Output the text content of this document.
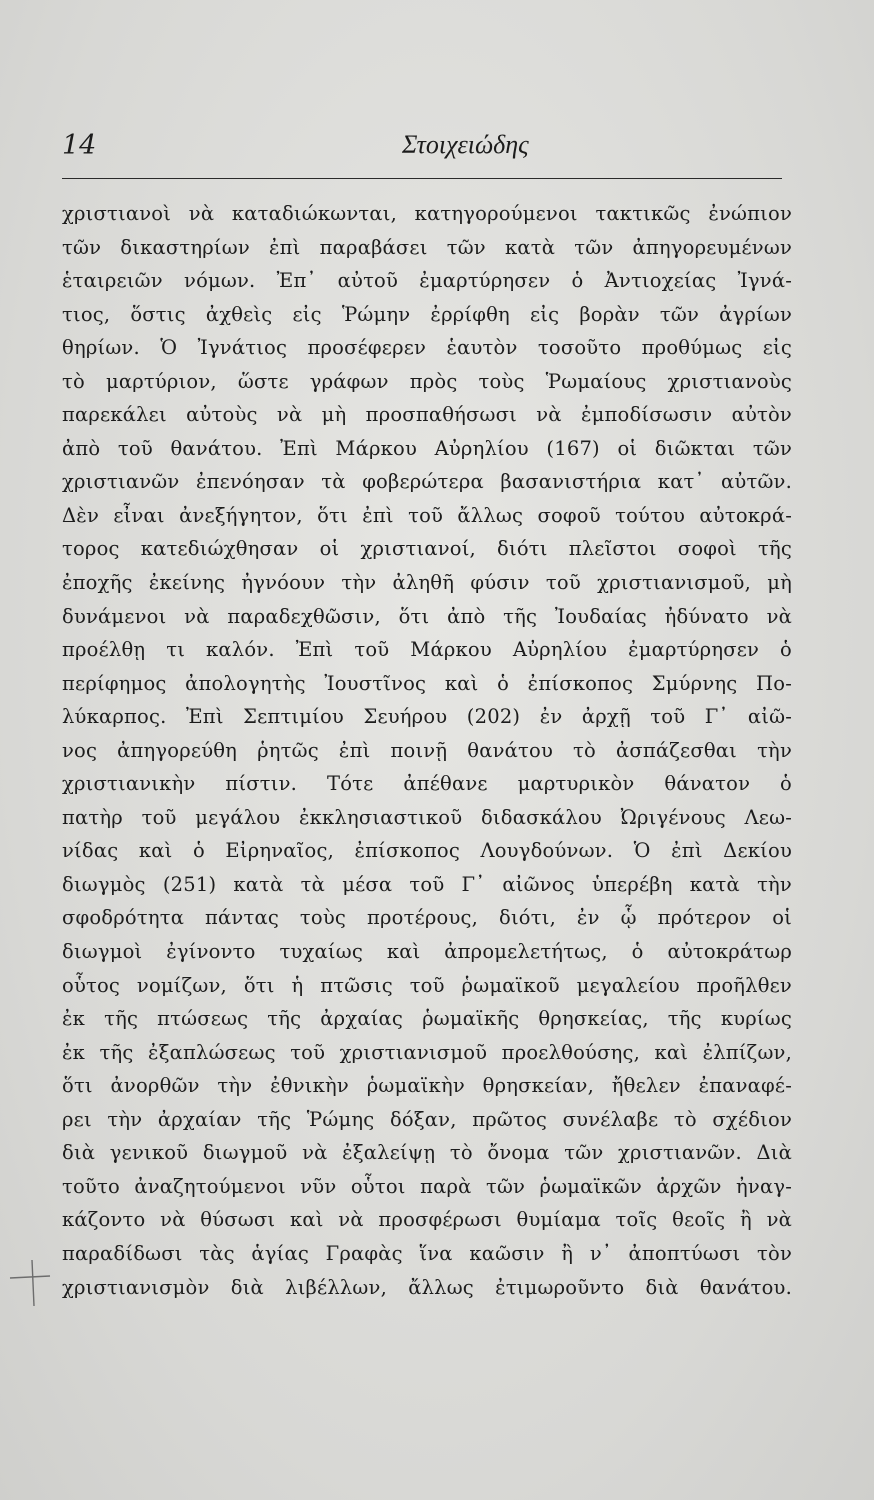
14	Στοιχειώδης
χριστιανοὶ νὰ καταδιώκωνται, κατηγορούμενοι τακτικῶς ἐνώπιον
τῶν δικαστηρίων ἐπὶ παραβάσει τῶν κατὰ τῶν ἀπηγορευμένων
ἑταιρειῶν νόμων. Ἐπ᾽ αὐτοῦ ἐμαρτύρησεν ὁ Ἀντιοχείας Ἰγνά-
τιος, ὅστις ἀχθεὶς εἰς Ῥώμην ἐρρίφθη εἰς βορὰν τῶν ἀγρίων
θηρίων. Ὁ Ἰγνάτιος προσέφερεν ἑαυτὸν τοσοῦτο προθύμως εἰς
τὸ μαρτύριον, ὥστε γράφων πρὸς τοὺς Ῥωμαίους χριστιανοὺς
παρεκάλει αὐτοὺς νὰ μὴ προσπαθήσωσι νὰ ἐμποδίσωσιν αὐτὸν
ἀπὸ τοῦ θανάτου. Ἐπὶ Μάρκου Αὐρηλίου (167) οἱ διῶκται τῶν
χριστιανῶν ἐπενόησαν τὰ φοβερώτερα βασανιστήρια κατ᾽ αὐτῶν.
Δὲν εἶναι ἀνεξήγητον, ὅτι ἐπὶ τοῦ ἄλλως σοφοῦ τούτου αὐτοκρά-
τορος κατεδιώχθησαν οἱ χριστιανοί, διότι πλεῖστοι σοφοὶ τῆς
ἐποχῆς ἐκείνης ἠγνόουν τὴν ἀληθῆ φύσιν τοῦ χριστιανισμοῦ, μὴ
δυνάμενοι νὰ παραδεχθῶσιν, ὅτι ἀπὸ τῆς Ἰουδαίας ἠδύνατο νὰ
προέλθῃ τι καλόν. Ἐπὶ τοῦ Μάρκου Αὐρηλίου ἐμαρτύρησεν ὁ
περίφημος ἀπολογητὴς Ἰουστῖνος καὶ ὁ ἐπίσκοπος Σμύρνης Πο-
λύκαρπος. Ἐπὶ Σεπτιμίου Σευήρου (202) ἐν ἀρχῇ τοῦ Γ᾽ αἰῶ-
νος ἀπηγορεύθη ῥητῶς ἐπὶ ποινῇ θανάτου τὸ ἀσπάζεσθαι τὴν
χριστιανικὴν πίστιν. Τότε ἀπέθανε μαρτυρικὸν θάνατον ὁ
πατὴρ τοῦ μεγάλου ἐκκλησιαστικοῦ διδασκάλου Ὠριγένους Λεω-
νίδας καὶ ὁ Εἰρηναῖος, ἐπίσκοπος Λουγδούνων. Ὁ ἐπὶ Δεκίου
διωγμὸς (251) κατὰ τὰ μέσα τοῦ Γ᾽ αἰῶνος ὑπερέβη κατὰ τὴν
σφοδρότητα πάντας τοὺς προτέρους, διότι, ἐν ᾧ πρότερον οἱ
διωγμοὶ ἐγίνοντο τυχαίως καὶ ἀπρομελετήτως, ὁ αὐτοκράτωρ
οὗτος νομίζων, ὅτι ἡ πτῶσις τοῦ ῥωμαϊκοῦ μεγαλείου προῆλθεν
ἐκ τῆς πτώσεως τῆς ἀρχαίας ῥωμαϊκῆς θρησκείας, τῆς κυρίως
ἐκ τῆς ἐξαπλώσεως τοῦ χριστιανισμοῦ προελθούσης, καὶ ἐλπίζων,
ὅτι ἀνορθῶν τὴν ἐθνικὴν ῥωμαϊκὴν θρησκείαν, ἤθελεν ἐπαναφέ-
ρει τὴν ἀρχαίαν τῆς Ῥώμης δόξαν, πρῶτος συνέλαβε τὸ σχέδιον
διὰ γενικοῦ διωγμοῦ νὰ ἐξαλείψῃ τὸ ὄνομα τῶν χριστιανῶν. Διὰ
τοῦτο ἀναζητούμενοι νῦν οὗτοι παρὰ τῶν ῥωμαϊκῶν ἀρχῶν ἠναγ-
κάζοντο νὰ θύσωσι καὶ νὰ προσφέρωσι θυμίαμα τοῖς θεοῖς ἢ νὰ
παραδίδωσι τὰς ἁγίας Γραφὰς ἵνα καῶσιν ἢ ν᾽ ἀποπτύωσι τὸν
χριστιανισμὸν διὰ λιβέλλων, ἄλλως ἐτιμωροῦντο διὰ θανάτου.
